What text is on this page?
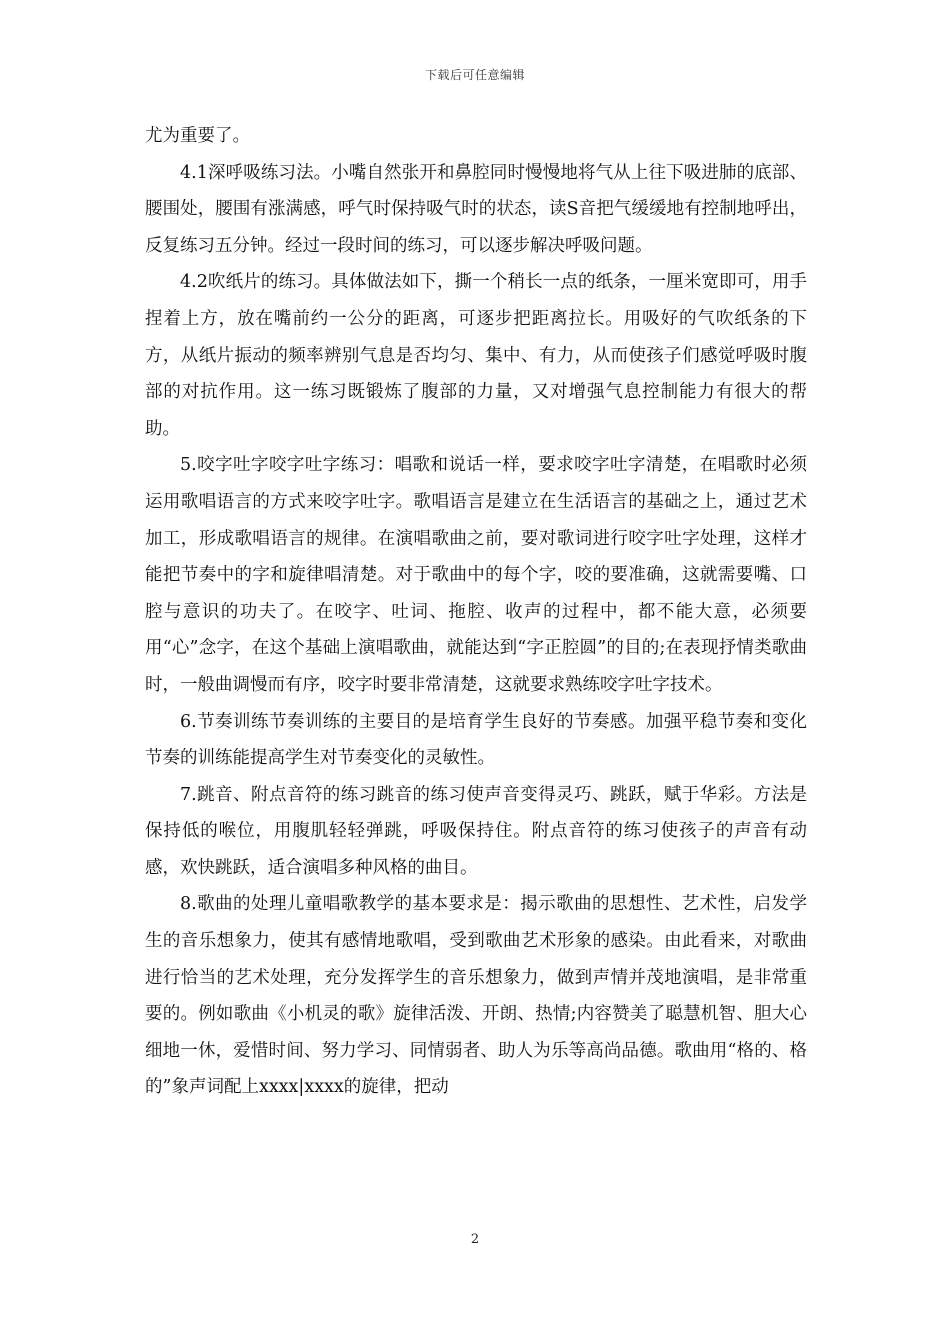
下载后可任意编辑

尤为重要了。

4.1深呼吸练习法。小嘴自然张开和鼻腔同时慢慢地将气从上往下吸进肺的底部、腰围处，腰围有涨满感，呼气时保持吸气时的状态，读S音把气缓缓地有控制地呼出，反复练习五分钟。经过一段时间的练习，可以逐步解决呼吸问题。

4.2吹纸片的练习。具体做法如下，撕一个稍长一点的纸条，一厘米宽即可，用手捏着上方，放在嘴前约一公分的距离，可逐步把距离拉长。用吸好的气吹纸条的下方，从纸片振动的频率辨别气息是否均匀、集中、有力，从而使孩子们感觉呼吸时腹部的对抗作用。这一练习既锻炼了腹部的力量，又对增强气息控制能力有很大的帮助。

5.咬字吐字咬字吐字练习：唱歌和说话一样，要求咬字吐字清楚，在唱歌时必须运用歌唱语言的方式来咬字吐字。歌唱语言是建立在生活语言的基础之上，通过艺术加工，形成歌唱语言的规律。在演唱歌曲之前，要对歌词进行咬字吐字处理，这样才能把节奏中的字和旋律唱清楚。对于歌曲中的每个字，咬的要准确，这就需要嘴、口腔与意识的功夫了。在咬字、吐词、拖腔、收声的过程中，都不能大意，必须要用“心”念字，在这个基础上演唱歌曲，就能达到“字正腔圆”的目的;在表现抒情类歌曲时，一般曲调慢而有序，咬字时要非常清楚，这就要求熟练咬字吐字技术。

6.节奏训练节奏训练的主要目的是培育学生良好的节奏感。加强平稳节奏和变化节奏的训练能提高学生对节奏变化的灵敏性。

7.跳音、附点音符的练习跳音的练习使声音变得灵巧、跳跃，赋于华彩。方法是保持低的喉位，用腹肌轻轻弹跳，呼吸保持住。附点音符的练习使孩子的声音有动感，欢快跳跃，适合演唱多种风格的曲目。

8.歌曲的处理儿童唱歌教学的基本要求是：揭示歌曲的思想性、艺术性，启发学生的音乐想象力，使其有感情地歌唱，受到歌曲艺术形象的感染。由此看来，对歌曲进行恰当的艺术处理，充分发挥学生的音乐想象力，做到声情并茂地演唱，是非常重要的。例如歌曲《小机灵的歌》旋律活泼、开朗、热情;内容赞美了聪慧机智、胆大心细地一休，爱惜时间、努力学习、同情弱者、助人为乐等高尚品德。歌曲用“格的、格的”象声词配上xxxx|xxxx的旋律，把动

2
